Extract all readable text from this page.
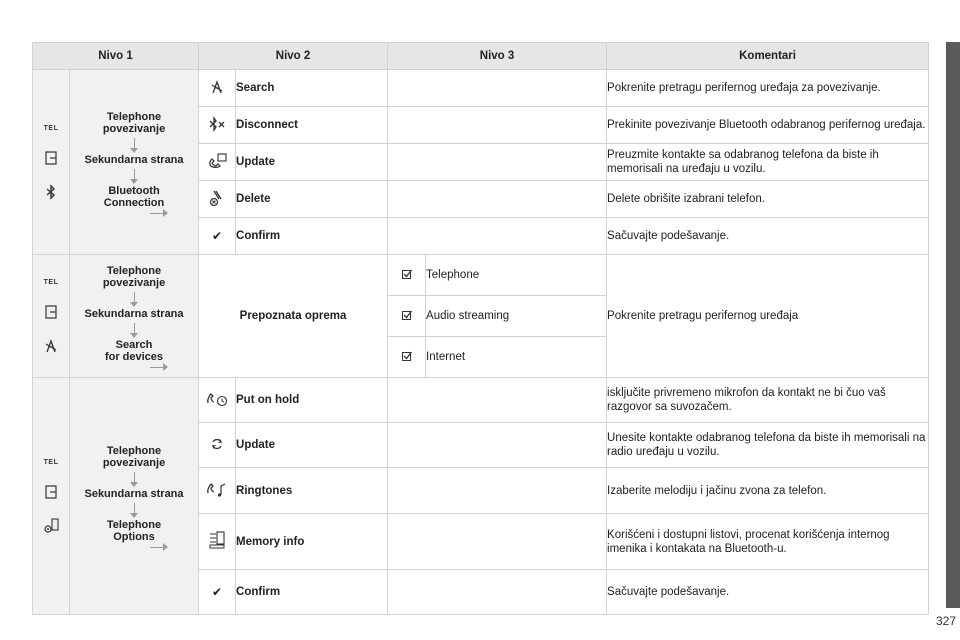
Nivo 1		Nivo 2		Nivo 3		Komentari

TEL	Telephone
povezivanje
Sekundarna strana
Bluetooth
Connection		Search			Pokrenite pretragu perifernog uređaja za povezivanje.
	Disconnect			Prekinite povezivanje Bluetooth odabranog perifernog uređaja.
	Update			Preuzmite kontakte sa odabranog telefona da biste ih memorisali na uređaju u vozilu.
	Delete			Delete obrišite izabrani telefon.
		✔	Confirm			Sačuvajte podešavanje.

TEL	Telephone
povezivanje
Sekundarna strana
Search
for devices	Prepoznata oprema			Telephone	Pokrenite pretragu perifernog uređaja
	Audio streaming	
	Internet	

TEL	Telephone
povezivanje
Sekundarna strana
Telephone
Options		Put on hold			isključite privremeno mikrofon da kontakt ne bi čuo vaš razgovor sa suvozačem.
	Update			Unesite kontakte odabranog telefona da biste ih memorisali na radio uređaju u vozilu.
	Ringtones			Izaberite melodiju i jačinu zvona za telefon.
	Memory info			Korišćeni i dostupni listovi, procenat korišćenja internog imenika i kontakata na Bluetooth-u.
		✔	Confirm			Sačuvajte podešavanje.
327
